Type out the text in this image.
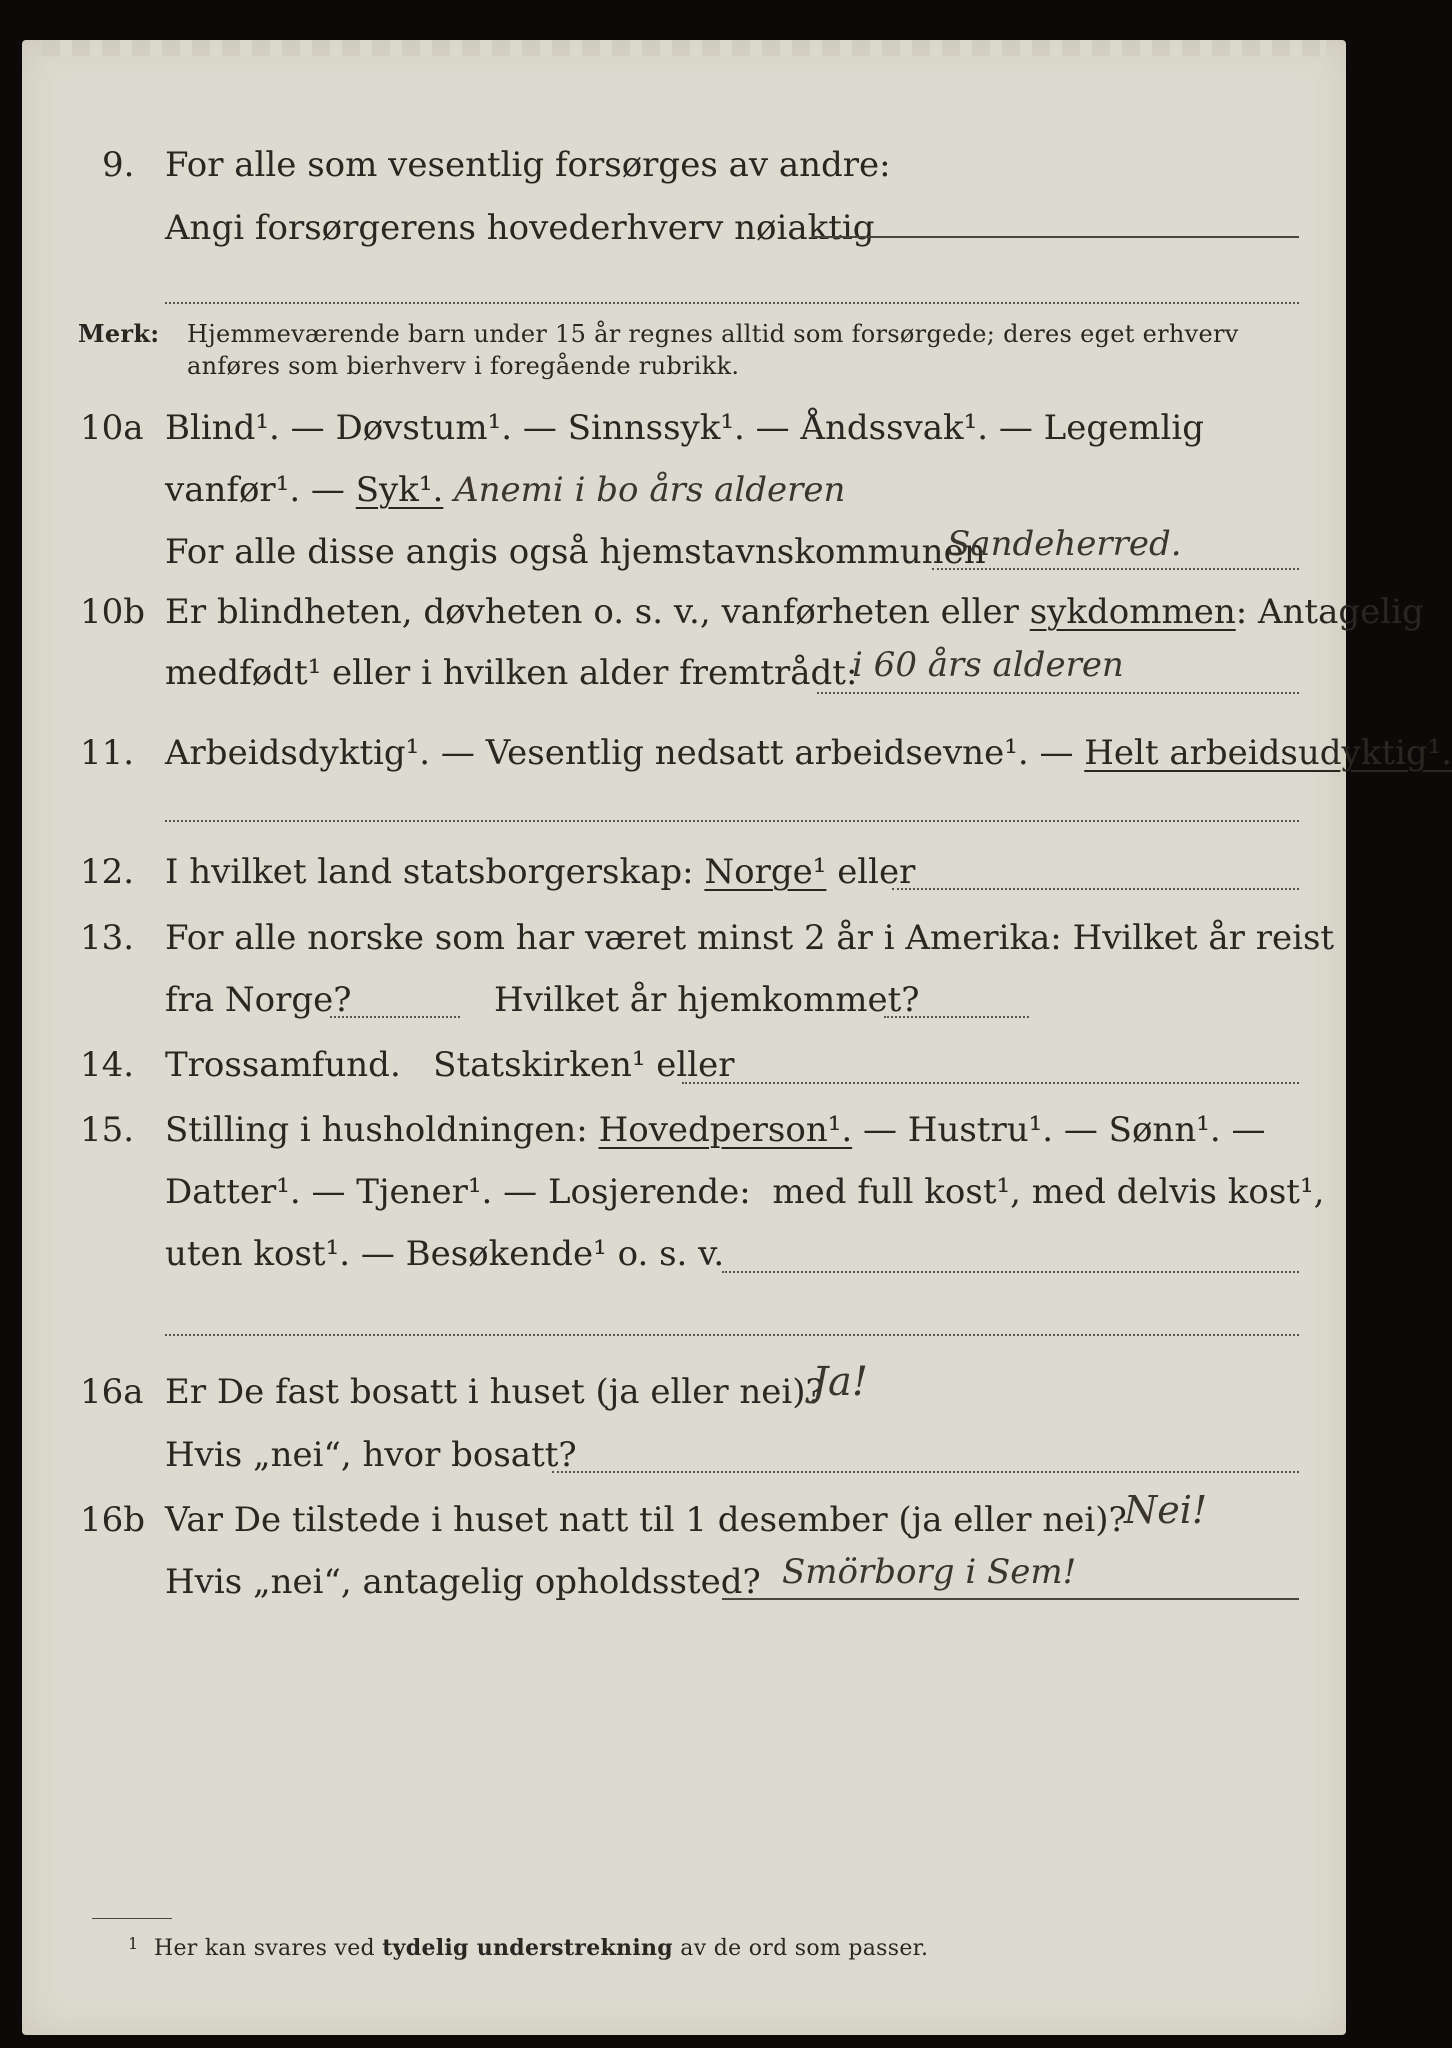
9. For alle som vesentlig forsørges av andre:
Angi forsørgerens hovederhverv nøiaktig
Merk: Hjemmeværende barn under 15 år regnes alltid som forsørgede; deres eget erhverv
anføres som bierhverv i foregående rubrikk.
10a Blind¹. — Døvstum¹. — Sinnssyk¹. — Åndssvak¹. — Legemlig
vanfør¹. — Syk¹. Anemi i bo års alderen
For alle disse angis også hjemstavnskommunen
Sandeherred.
10b Er blindheten, døvheten o. s. v., vanførheten eller sykdommen: Antagelig
medfødt¹ eller i hvilken alder fremtrådt:
i 60 års alderen
11. Arbeidsdyktig¹. — Vesentlig nedsatt arbeidsevne¹. — Helt arbeidsudyktig¹.
12. I hvilket land statsborgerskap: Norge¹ eller
13. For alle norske som har været minst 2 år i Amerika: Hvilket år reist
fra Norge?	Hvilket år hjemkommet?
14. Trossamfund.   Statskirken¹ eller
15. Stilling i husholdningen: Hovedperson¹. — Hustru¹. — Sønn¹. —
Datter¹. — Tjener¹. — Losjerende:  med full kost¹, med delvis kost¹,
uten kost¹. — Besøkende¹ o. s. v.
16a Er De fast bosatt i huset (ja eller nei)?
Ja!
Hvis „nei“, hvor bosatt?
16b Var De tilstede i huset natt til 1 desember (ja eller nei)?
Nei!
Hvis „nei“, antagelig opholdssted? Smörborg i Sem!
1 Her kan svares ved tydelig understrekning av de ord som passer.
